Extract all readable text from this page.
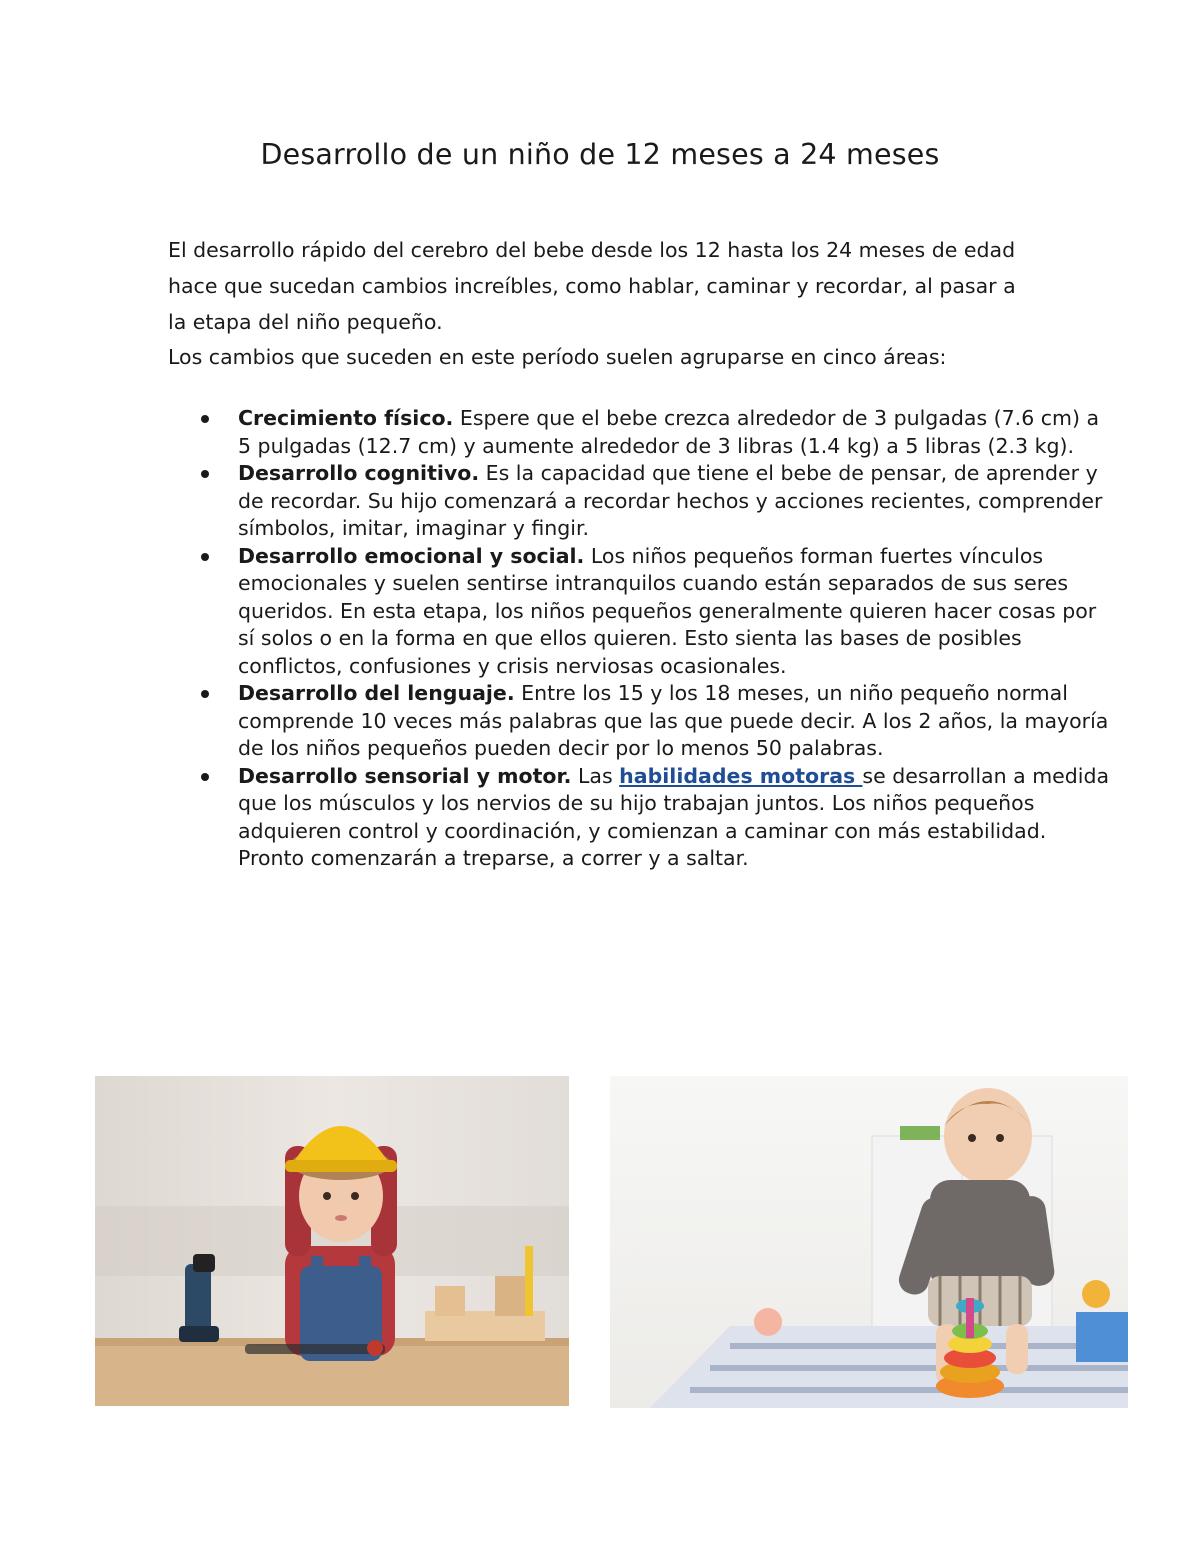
Desarrollo de un niño de 12 meses a 24 meses

El desarrollo rápido del cerebro del bebe desde los 12 hasta los 24 meses de edad hace que sucedan cambios increíbles, como hablar, caminar y recordar, al pasar a la etapa del niño pequeño.

Los cambios que suceden en este período suelen agruparse en cinco áreas:

Crecimiento físico. Espere que el bebe crezca alrededor de 3 pulgadas (7.6 cm) a 5 pulgadas (12.7 cm) y aumente alrededor de 3 libras (1.4 kg) a 5 libras (2.3 kg).
Desarrollo cognitivo. Es la capacidad que tiene el bebe de pensar, de aprender y de recordar. Su hijo comenzará a recordar hechos y acciones recientes, comprender símbolos, imitar, imaginar y fingir.
Desarrollo emocional y social. Los niños pequeños forman fuertes vínculos emocionales y suelen sentirse intranquilos cuando están separados de sus seres queridos. En esta etapa, los niños pequeños generalmente quieren hacer cosas por sí solos o en la forma en que ellos quieren. Esto sienta las bases de posibles conflictos, confusiones y crisis nerviosas ocasionales.
Desarrollo del lenguaje. Entre los 15 y los 18 meses, un niño pequeño normal comprende 10 veces más palabras que las que puede decir. A los 2 años, la mayoría de los niños pequeños pueden decir por lo menos 50 palabras.
Desarrollo sensorial y motor. Las habilidades motoras se desarrollan a medida que los músculos y los nervios de su hijo trabajan juntos. Los niños pequeños adquieren control y coordinación, y comienzan a caminar con más estabilidad. Pronto comenzarán a treparse, a correr y a saltar.
